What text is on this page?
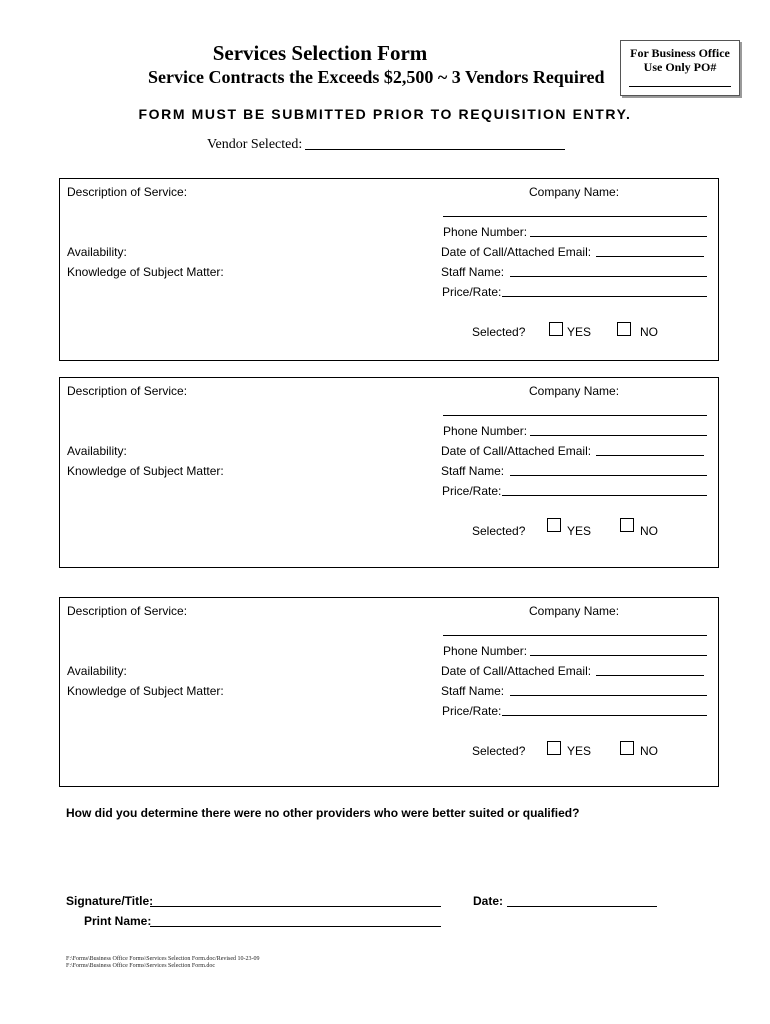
Services Selection Form
Service Contracts the Exceeds $2,500 ~ 3 Vendors Required
For Business Office
Use Only PO#
FORM MUST BE SUBMITTED PRIOR TO REQUISITION ENTRY.
Vendor Selected:
Description of Service:
Availability:
Knowledge of Subject Matter:
Company Name:
Phone Number:
Date of Call/Attached Email:
Staff Name:
Price/Rate:
Selected?	YES	NO
Description of Service:
Availability:
Knowledge of Subject Matter:
Company Name:
Phone Number:
Date of Call/Attached Email:
Staff Name:
Price/Rate:
Selected?	YES	NO
Description of Service:
Availability:
Knowledge of Subject Matter:
Company Name:
Phone Number:
Date of Call/Attached Email:
Staff Name:
Price/Rate:
Selected?	YES	NO
How did you determine there were no other providers who were better suited or qualified?
Signature/Title:	Date:
Print Name:
F:\Forms\Business Office Forms\Services Selection Form.doc/Revised 10-23-09
F:\Forms\Business Office Forms\Services Selection Form.doc
